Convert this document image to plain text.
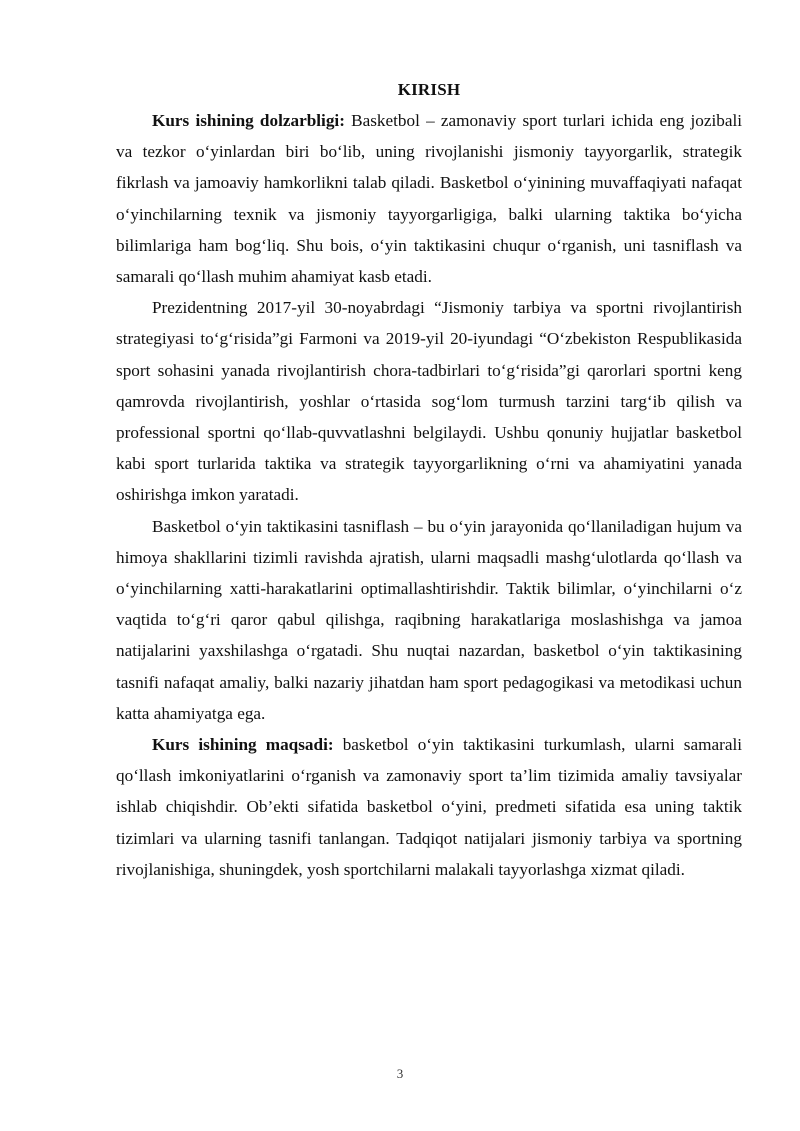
KIRISH

Kurs ishining dolzarbligi: Basketbol – zamonaviy sport turlari ichida eng jozibali va tezkor o‘yinlardan biri bo‘lib, uning rivojlanishi jismoniy tayyorgarlik, strategik fikrlash va jamoaviy hamkorlikni talab qiladi. Basketbol o‘yinining muvaffaqiyati nafaqat o‘yinchilarning texnik va jismoniy tayyorgarligiga, balki ularning taktika bo‘yicha bilimlariga ham bog‘liq. Shu bois, o‘yin taktikasini chuqur o‘rganish, uni tasniflash va samarali qo‘llash muhim ahamiyat kasb etadi.

Prezidentning 2017-yil 30-noyabrdagi “Jismoniy tarbiya va sportni rivojlantirish strategiyasi to‘g‘risida”gi Farmoni va 2019-yil 20-iyundagi “O‘zbekiston Respublikasida sport sohasini yanada rivojlantirish chora-tadbirlari to‘g‘risida”gi qarorlari sportni keng qamrovda rivojlantirish, yoshlar o‘rtasida sog‘lom turmush tarzini targ‘ib qilish va professional sportni qo‘llab-quvvatlashni belgilaydi. Ushbu qonuniy hujjatlar basketbol kabi sport turlarida taktika va strategik tayyorgarlikning o‘rni va ahamiyatini yanada oshirishga imkon yaratadi.

Basketbol o‘yin taktikasini tasniflash – bu o‘yin jarayonida qo‘llaniladigan hujum va himoya shakllarini tizimli ravishda ajratish, ularni maqsadli mashg‘ulotlarda qo‘llash va o‘yinchilarning xatti-harakatlarini optimallashtirishdir. Taktik bilimlar, o‘yinchilarni o‘z vaqtida to‘g‘ri qaror qabul qilishga, raqibning harakatlariga moslashishga va jamoa natijalarini yaxshilashga o‘rgatadi. Shu nuqtai nazardan, basketbol o‘yin taktikasining tasnifi nafaqat amaliy, balki nazariy jihatdan ham sport pedagogikasi va metodikasi uchun katta ahamiyatga ega.

Kurs ishining maqsadi: basketbol o‘yin taktikasini turkumlash, ularni samarali qo‘llash imkoniyatlarini o‘rganish va zamonaviy sport ta’lim tizimida amaliy tavsiyalar ishlab chiqishdir. Ob’ekti sifatida basketbol o‘yini, predmeti sifatida esa uning taktik tizimlari va ularning tasnifi tanlangan. Tadqiqot natijalari jismoniy tarbiya va sportning rivojlanishiga, shuningdek, yosh sportchilarni malakali tayyorlashga xizmat qiladi.

3
